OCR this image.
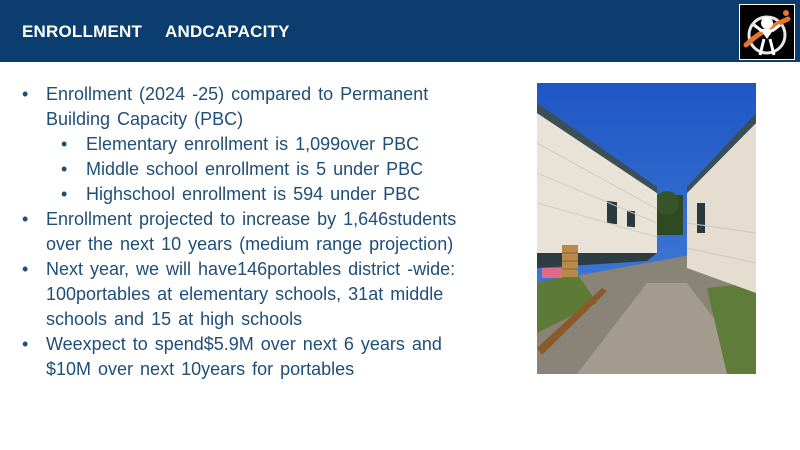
ENROLLMENT	ANDCAPACITY
• Enrollment (2024 -25) compared to Permanent
Building Capacity (PBC)
• Elementary enrollment is 1,099over PBC
• Middle school enrollment is 5 under PBC
• Highschool enrollment is 594 under PBC
• Enrollment projected to increase by 1,646students
over the next 10 years (medium range projection)
• Next year, we will have146portables district -wide:
100portables at elementary schools, 31at middle
schools and 15 at high schools
• Weexpect to spend$5.9M over next 6 years and
$10M over next 10years for portables
